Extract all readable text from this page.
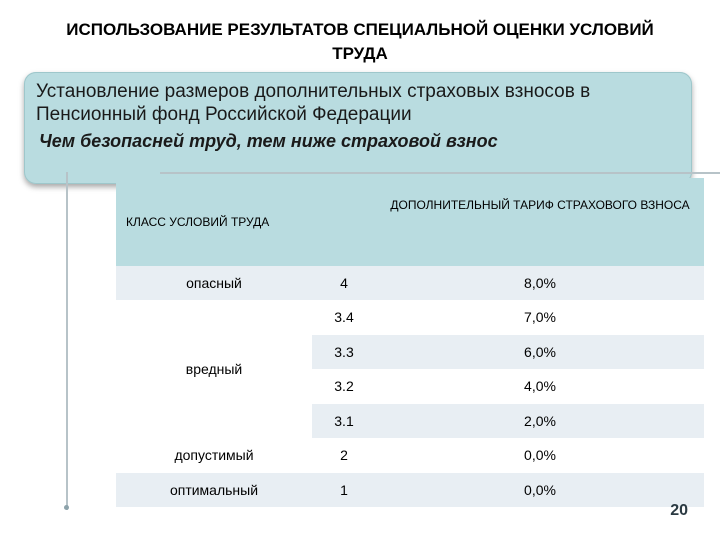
ИСПОЛЬЗОВАНИЕ РЕЗУЛЬТАТОВ СПЕЦИАЛЬНОЙ ОЦЕНКИ УСЛОВИЙ ТРУДА
Установление размеров дополнительных страховых взносов в
Пенсионный фонд Российской Федерации
Чем безопасней труд, тем ниже страховой взнос
КЛАСС УСЛОВИЙ ТРУДА		ДОПОЛНИТЕЛЬНЫЙ ТАРИФ СТРАХОВОГО ВЗНОСА
опасный	4	8,0%
вредный	3.4	7,0%
	3.3	6,0%
	3.2	4,0%
	3.1	2,0%
допустимый	2	0,0%
оптимальный	1	0,0%
20
